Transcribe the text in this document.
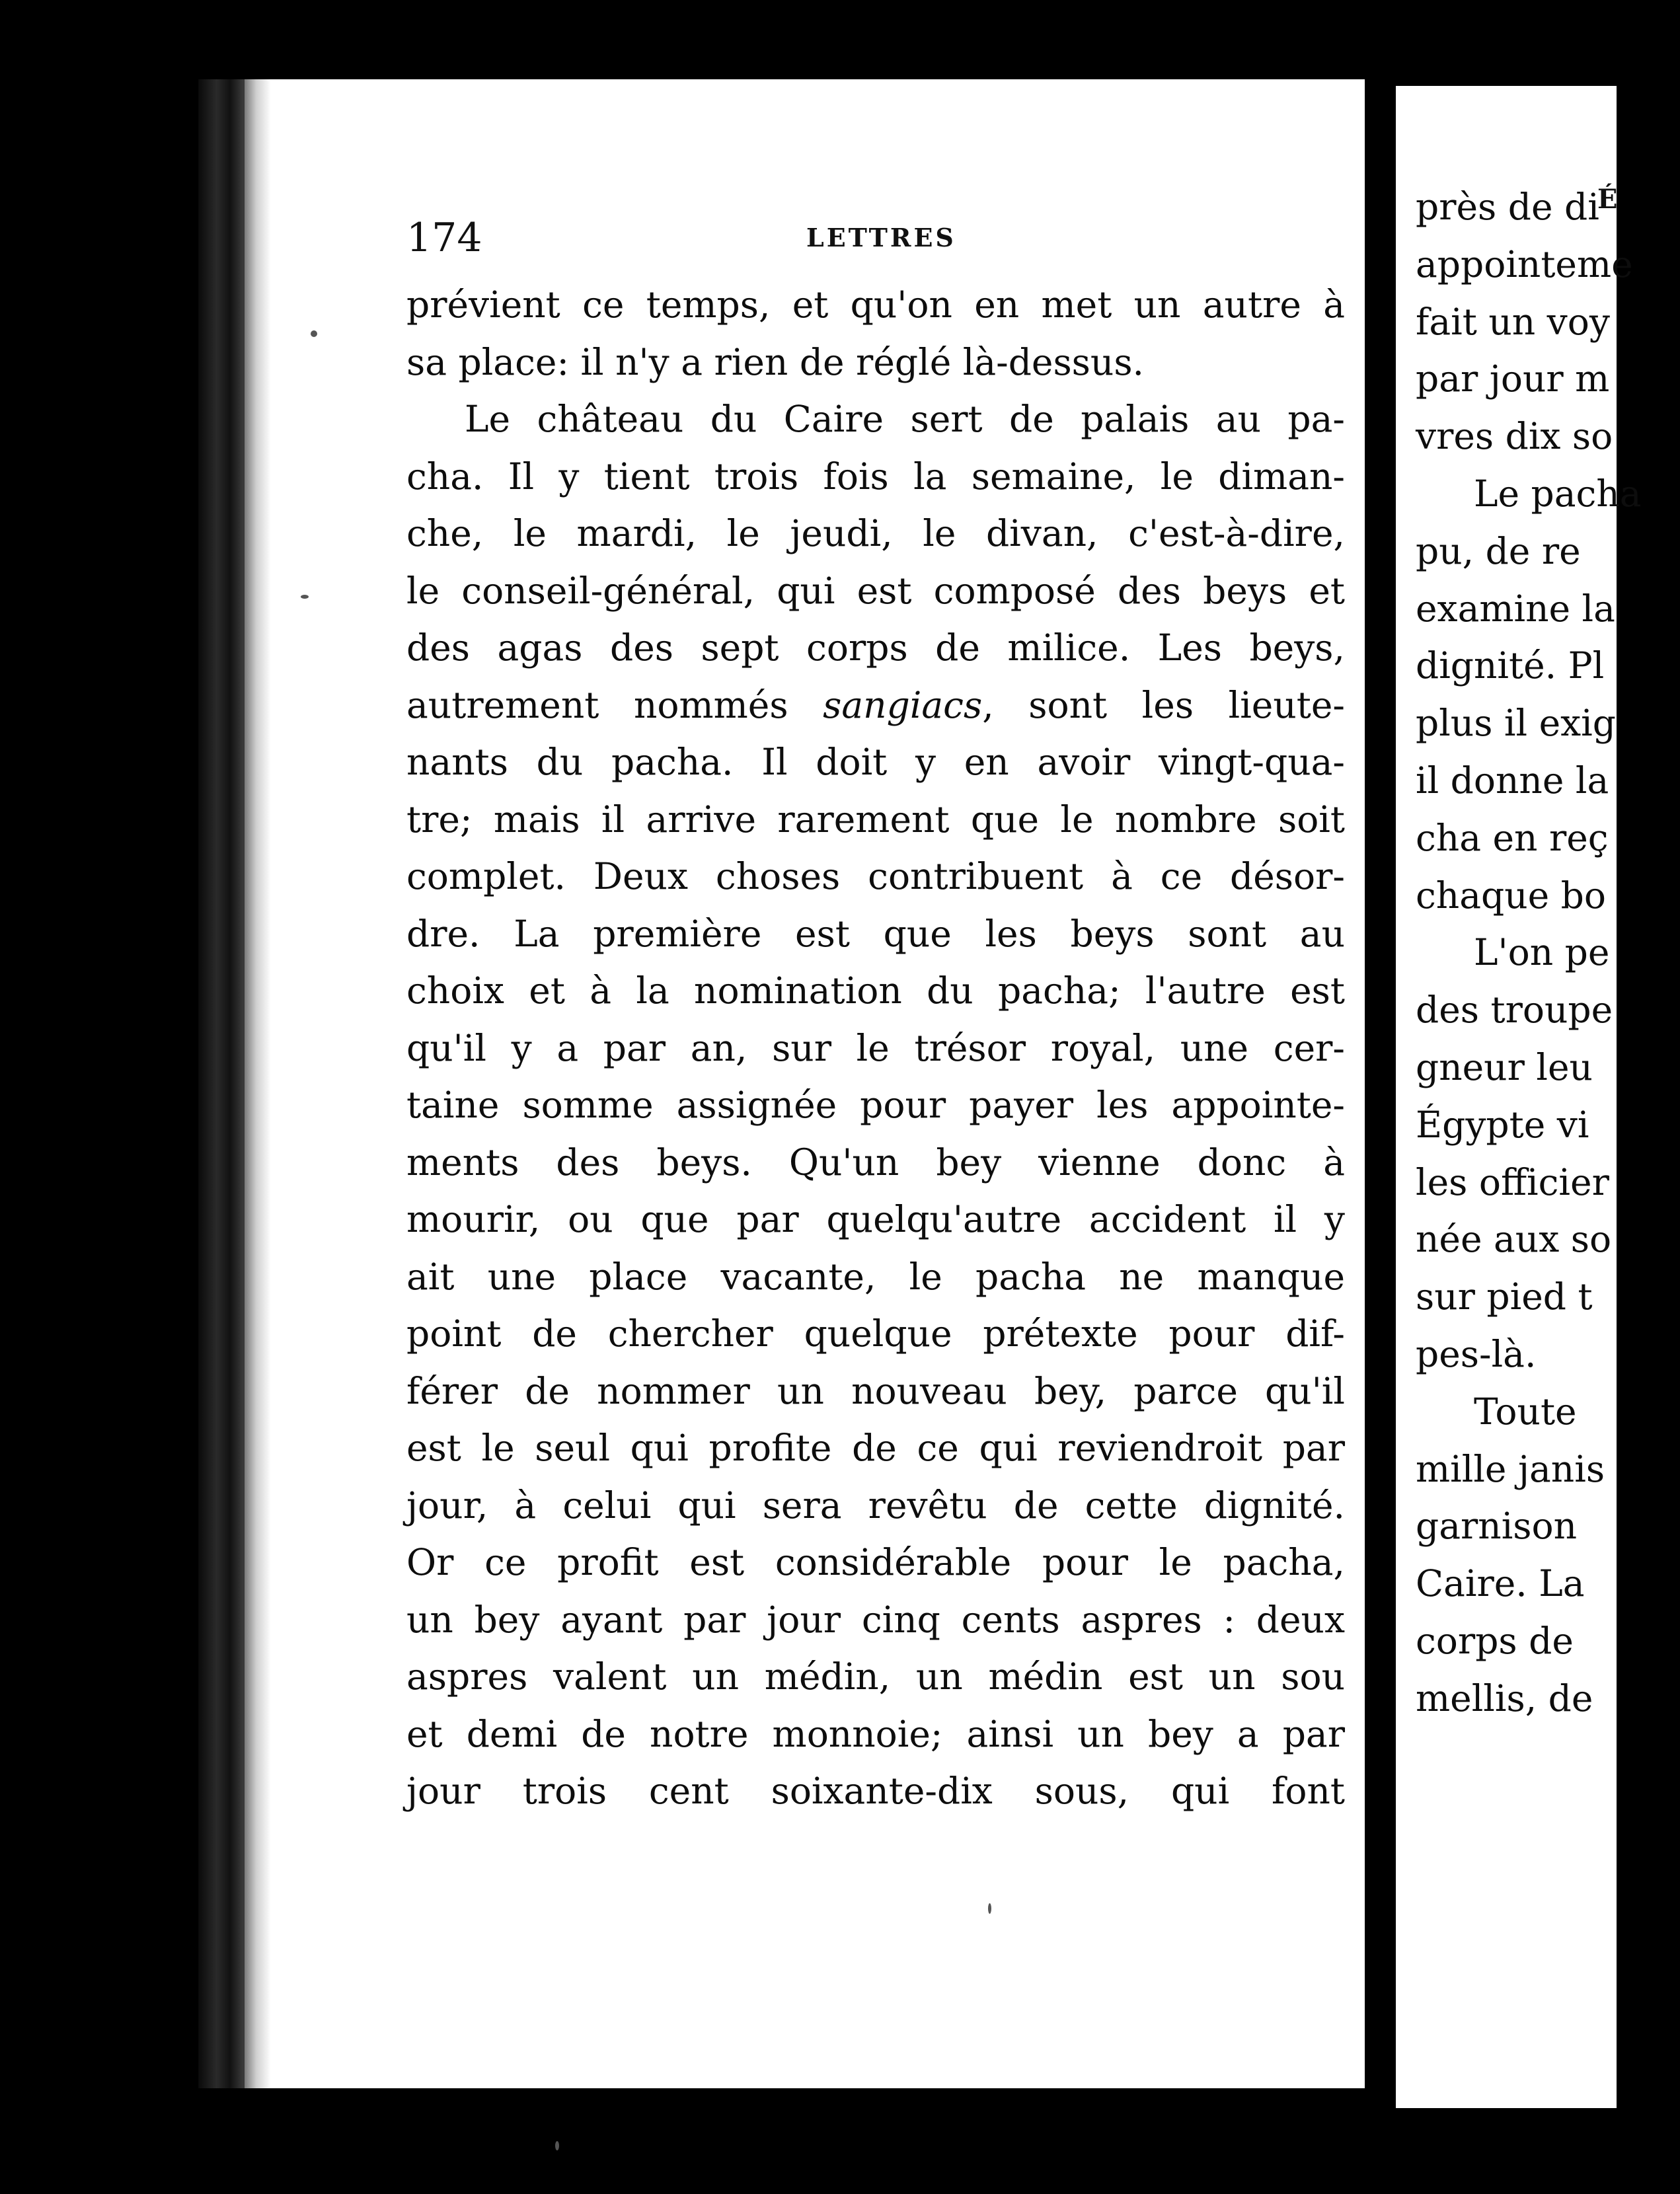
174	LETTRES
prévient ce temps, et qu'on en met un autre à
sa place: il n'y a rien de réglé là-dessus.
Le château du Caire sert de palais au pa-
cha. Il y tient trois fois la semaine, le diman-
che, le mardi, le jeudi, le divan, c'est-à-dire,
le conseil-général, qui est composé des beys et
des agas des sept corps de milice. Les beys,
autrement nommés sangiacs, sont les lieute-
nants du pacha. Il doit y en avoir vingt-qua-
tre; mais il arrive rarement que le nombre soit
complet. Deux choses contribuent à ce désor-
dre. La première est que les beys sont au
choix et à la nomination du pacha; l'autre est
qu'il y a par an, sur le trésor royal, une cer-
taine somme assignée pour payer les appointe-
ments des beys. Qu'un bey vienne donc à
mourir, ou que par quelqu'autre accident il y
ait une place vacante, le pacha ne manque
point de chercher quelque prétexte pour dif-
férer de nommer un nouveau bey, parce qu'il
est le seul qui profite de ce qui reviendroit par
jour, à celui qui sera revêtu de cette dignité.
Or ce profit est considérable pour le pacha,
un bey ayant par jour cinq cents aspres : deux
aspres valent un médin, un médin est un sou
et demi de notre monnoie; ainsi un bey a par
jour trois cent soixante-dix sous, qui font
É
près de di
appointeme
fait un voy
par jour m
vres dix so
Le pacha
pu, de re
examine la
dignité. Pl
plus il exig
il donne la
cha en reç
chaque bo
L'on pe
des troupe
gneur leu
Égypte vi
les officier
née aux so
sur pied t
pes-là.
Toute
mille janis
garnison
Caire. La
corps de
mellis, de
